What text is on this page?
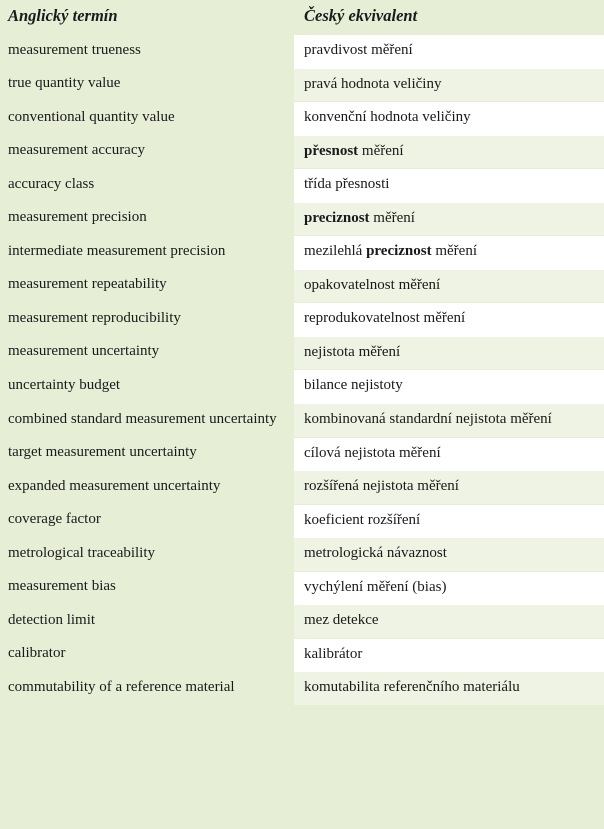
Anglický termín	Český ekvivalent
measurement trueness	pravdivost měření
true quantity value	pravá hodnota veličiny
conventional quantity value	konvenční hodnota veličiny
measurement accuracy	přesnost měření
accuracy class	třída přesnosti
measurement precision	preciznost měření
intermediate measurement precision	mezilehlá preciznost měření
measurement repeatability	opakovatelnost měření
measurement reproducibility	reprodukovatelnost měření
measurement uncertainty	nejistota měření
uncertainty budget	bilance nejistoty
combined standard measurement uncertainty	kombinovaná standardní nejistota měření
target measurement uncertainty	cílová nejistota měření
expanded measurement uncertainty	rozšířená nejistota měření
coverage factor	koeficient rozšíření
metrological traceability	metrologická návaznost
measurement bias	vychýlení měření (bias)
detection limit	mez detekce
calibrator	kalibrátor
commutability of a reference material	komutabilita referenčního materiálu
